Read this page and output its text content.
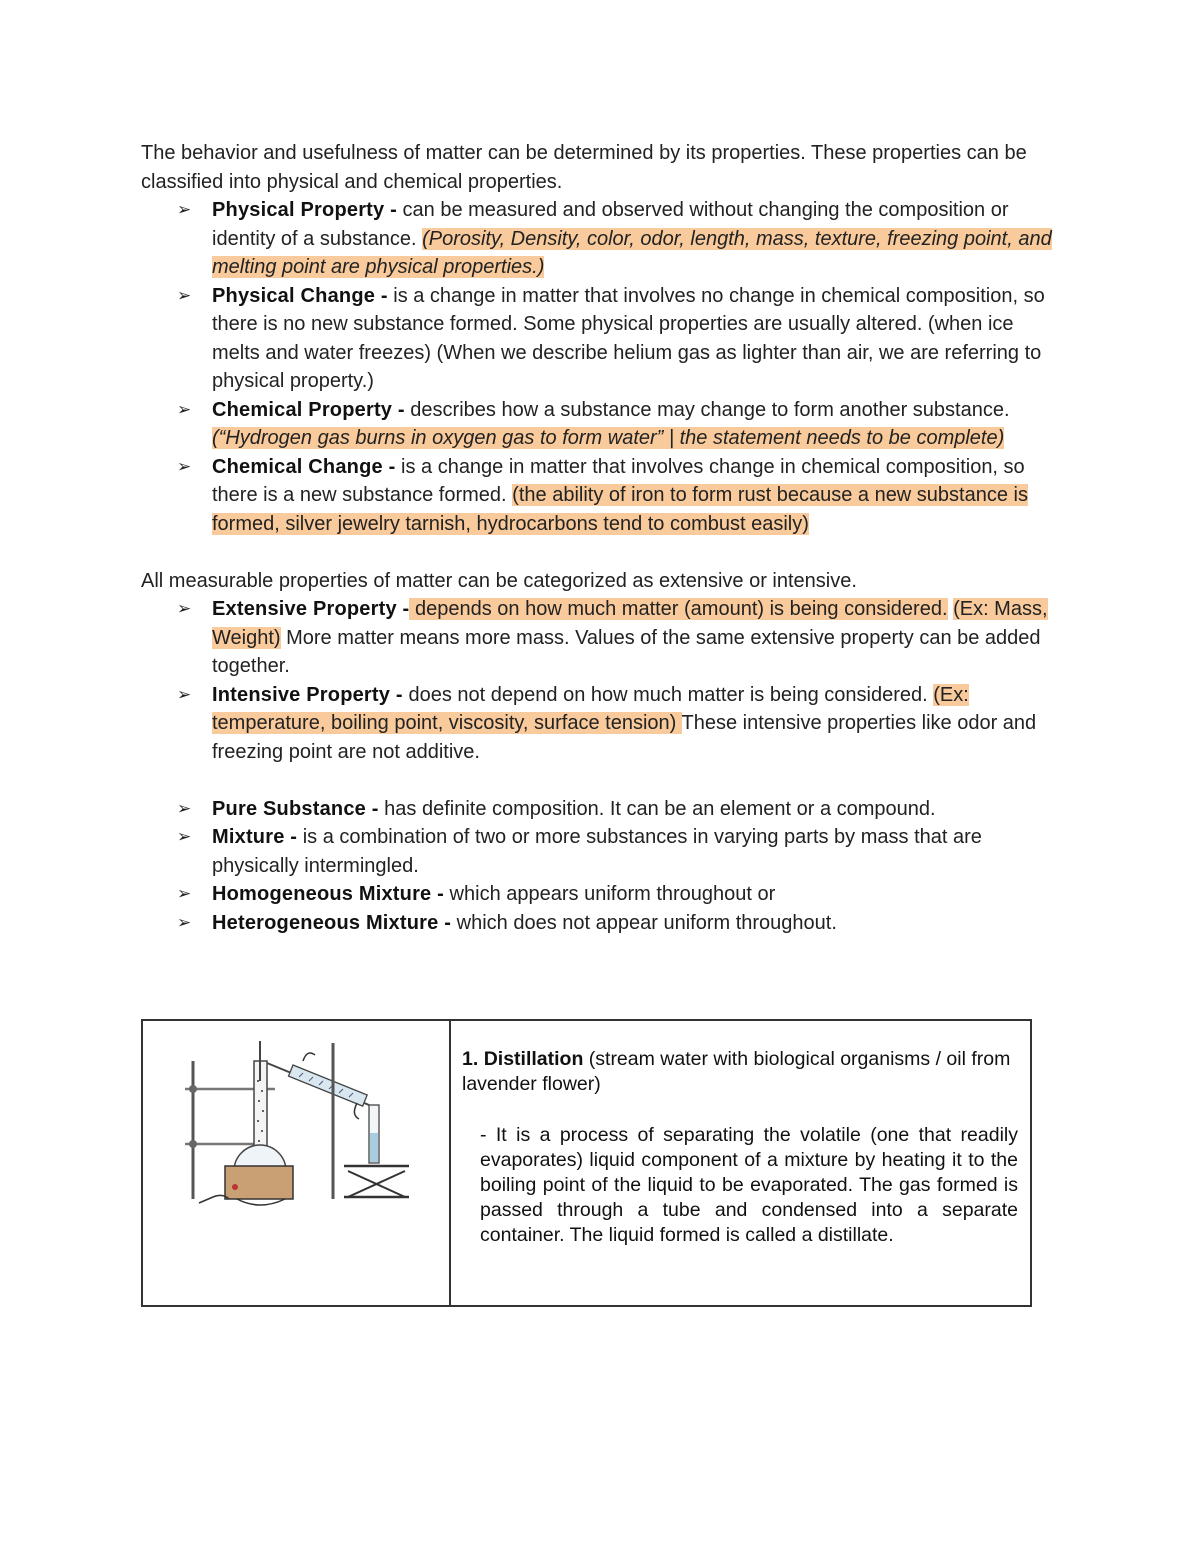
The behavior and usefulness of matter can be determined by its properties. These properties can be classified into physical and chemical properties.

➢ Physical Property - can be measured and observed without changing the composition or identity of a substance. (Porosity, Density, color, odor, length, mass, texture, freezing point, and melting point are physical properties.)
➢ Physical Change - is a change in matter that involves no change in chemical composition, so there is no new substance formed. Some physical properties are usually altered. (when ice melts and water freezes) (When we describe helium gas as lighter than air, we are referring to physical property.)
➢ Chemical Property - describes how a substance may change to form another substance. (“Hydrogen gas burns in oxygen gas to form water” | the statement needs to be complete)
➢ Chemical Change - is a change in matter that involves change in chemical composition, so there is a new substance formed. (the ability of iron to form rust because a new substance is formed, silver jewelry tarnish, hydrocarbons tend to combust easily)

All measurable properties of matter can be categorized as extensive or intensive.

➢ Extensive Property - depends on how much matter (amount) is being considered. (Ex: Mass, Weight) More matter means more mass. Values of the same extensive property can be added together.
➢ Intensive Property - does not depend on how much matter is being considered. (Ex: temperature, boiling point, viscosity, surface tension) These intensive properties like odor and freezing point are not additive.
➢ Pure Substance - has definite composition. It can be an element or a compound.
➢ Mixture - is a combination of two or more substances in varying parts by mass that are physically intermingled.
➢ Homogeneous Mixture - which appears uniform throughout or
➢ Heterogeneous Mixture - which does not appear uniform throughout.

1. Distillation (stream water with biological organisms / oil from lavender flower)
- It is a process of separating the volatile (one that readily evaporates) liquid component of a mixture by heating it to the boiling point of the liquid to be evaporated. The gas formed is passed through a tube and condensed into a separate container. The liquid formed is called a distillate.
